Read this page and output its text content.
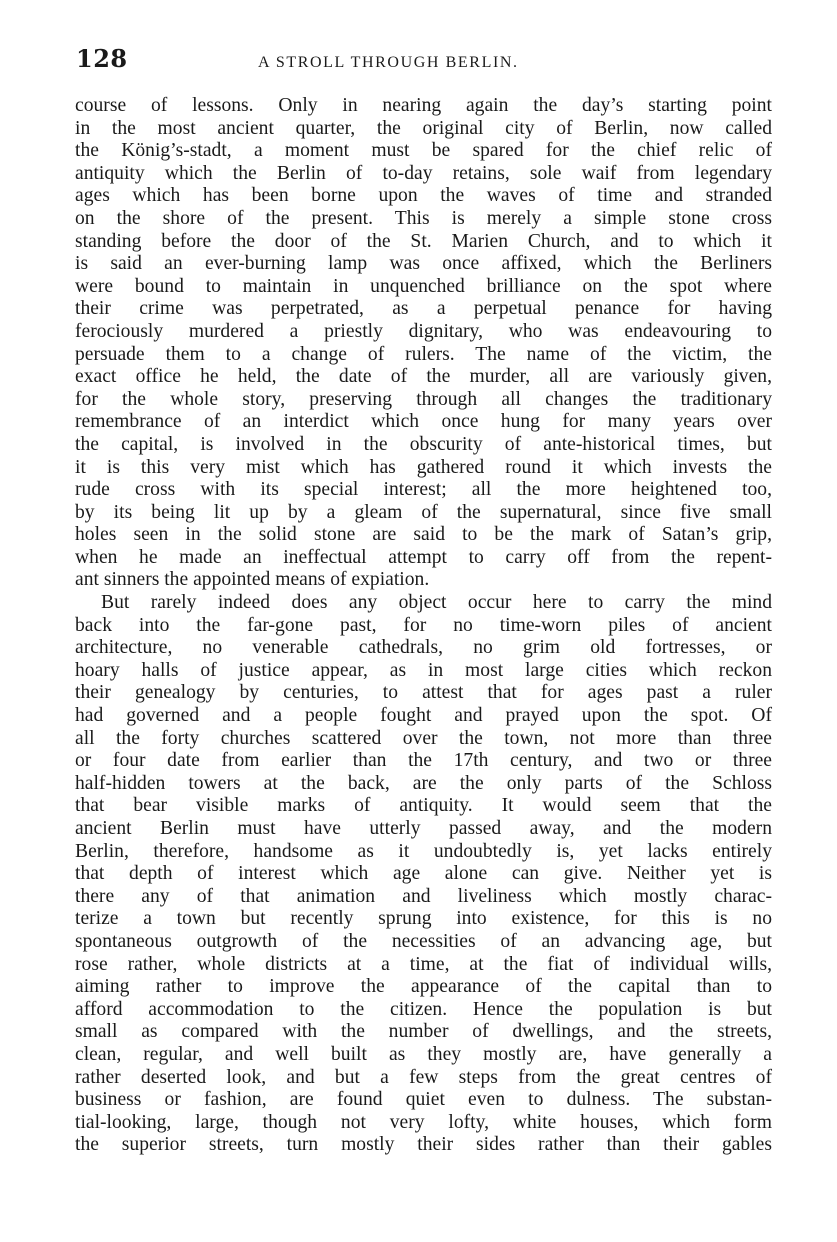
128	A STROLL THROUGH BERLIN.
course of lessons. Only in nearing again the day’s starting point
in the most ancient quarter, the original city of Berlin, now called
the König’s-stadt, a moment must be spared for the chief relic of
antiquity which the Berlin of to-day retains, sole waif from legendary
ages which has been borne upon the waves of time and stranded
on the shore of the present. This is merely a simple stone cross
standing before the door of the St. Marien Church, and to which it
is said an ever-burning lamp was once affixed, which the Berliners
were bound to maintain in unquenched brilliance on the spot where
their crime was perpetrated, as a perpetual penance for having
ferociously murdered a priestly dignitary, who was endeavouring to
persuade them to a change of rulers. The name of the victim, the
exact office he held, the date of the murder, all are variously given,
for the whole story, preserving through all changes the traditionary
remembrance of an interdict which once hung for many years over
the capital, is involved in the obscurity of ante-historical times, but
it is this very mist which has gathered round it which invests the
rude cross with its special interest; all the more heightened too,
by its being lit up by a gleam of the supernatural, since five small
holes seen in the solid stone are said to be the mark of Satan’s grip,
when he made an ineffectual attempt to carry off from the repent-
ant sinners the appointed means of expiation.
But rarely indeed does any object occur here to carry the mind
back into the far-gone past, for no time-worn piles of ancient
architecture, no venerable cathedrals, no grim old fortresses, or
hoary halls of justice appear, as in most large cities which reckon
their genealogy by centuries, to attest that for ages past a ruler
had governed and a people fought and prayed upon the spot. Of
all the forty churches scattered over the town, not more than three
or four date from earlier than the 17th century, and two or three
half-hidden towers at the back, are the only parts of the Schloss
that bear visible marks of antiquity. It would seem that the
ancient Berlin must have utterly passed away, and the modern
Berlin, therefore, handsome as it undoubtedly is, yet lacks entirely
that depth of interest which age alone can give. Neither yet is
there any of that animation and liveliness which mostly charac-
terize a town but recently sprung into existence, for this is no
spontaneous outgrowth of the necessities of an advancing age, but
rose rather, whole districts at a time, at the fiat of individual wills,
aiming rather to improve the appearance of the capital than to
afford accommodation to the citizen. Hence the population is but
small as compared with the number of dwellings, and the streets,
clean, regular, and well built as they mostly are, have generally a
rather deserted look, and but a few steps from the great centres of
business or fashion, are found quiet even to dulness. The substan-
tial-looking, large, though not very lofty, white houses, which form
the superior streets, turn mostly their sides rather than their gables
